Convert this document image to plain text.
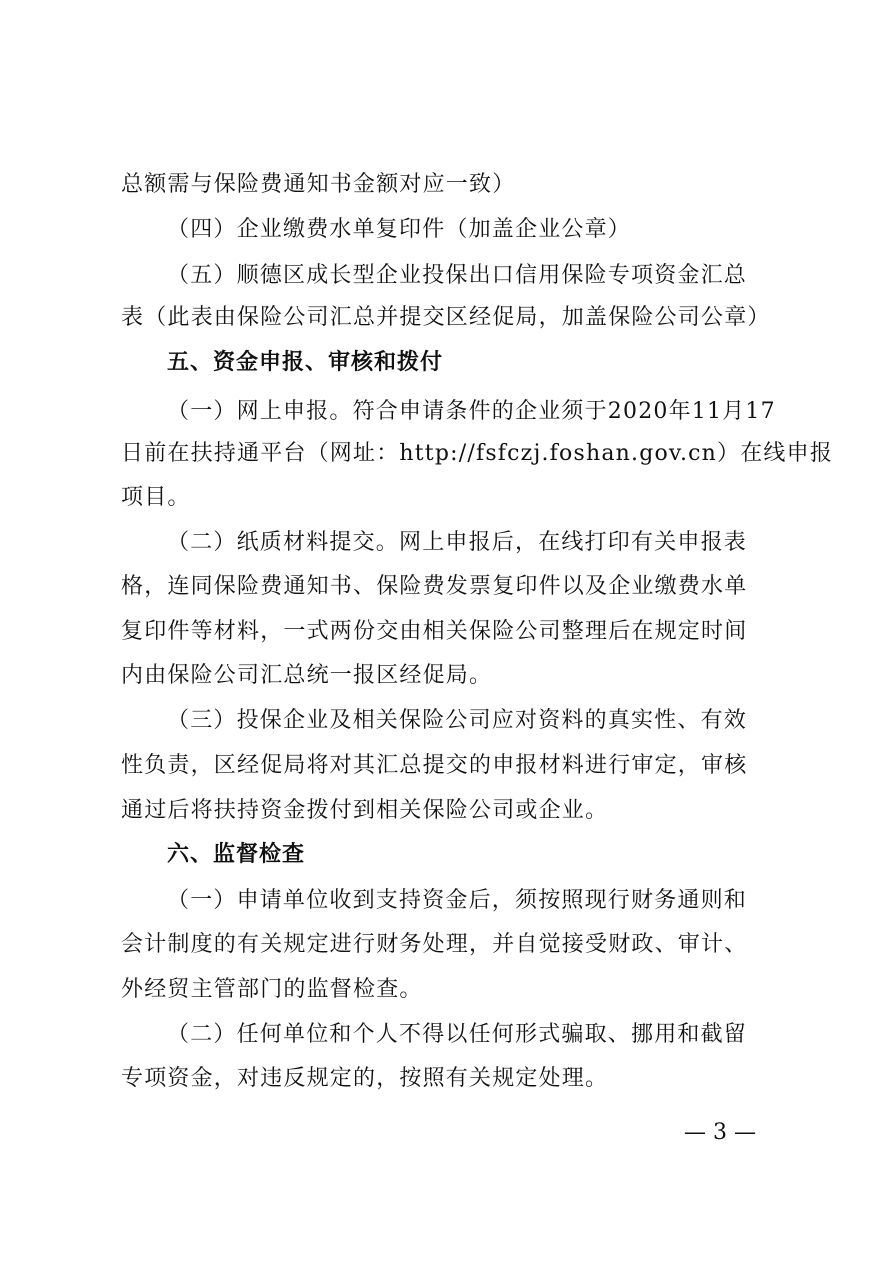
总额需与保险费通知书金额对应一致）
（四）企业缴费水单复印件（加盖企业公章）
（五）顺德区成长型企业投保出口信用保险专项资金汇总
表（此表由保险公司汇总并提交区经促局，加盖保险公司公章）
五、资金申报、审核和拨付
（一）网上申报。符合申请条件的企业须于2020年11月17
日前在扶持通平台（网址：http://fsfczj.foshan.gov.cn）在线申报
项目。
（二）纸质材料提交。网上申报后，在线打印有关申报表
格，连同保险费通知书、保险费发票复印件以及企业缴费水单
复印件等材料，一式两份交由相关保险公司整理后在规定时间
内由保险公司汇总统一报区经促局。
（三）投保企业及相关保险公司应对资料的真实性、有效
性负责，区经促局将对其汇总提交的申报材料进行审定，审核
通过后将扶持资金拨付到相关保险公司或企业。
六、监督检查
（一）申请单位收到支持资金后，须按照现行财务通则和
会计制度的有关规定进行财务处理，并自觉接受财政、审计、
外经贸主管部门的监督检查。
（二）任何单位和个人不得以任何形式骗取、挪用和截留
专项资金，对违反规定的，按照有关规定处理。
— 3 —
